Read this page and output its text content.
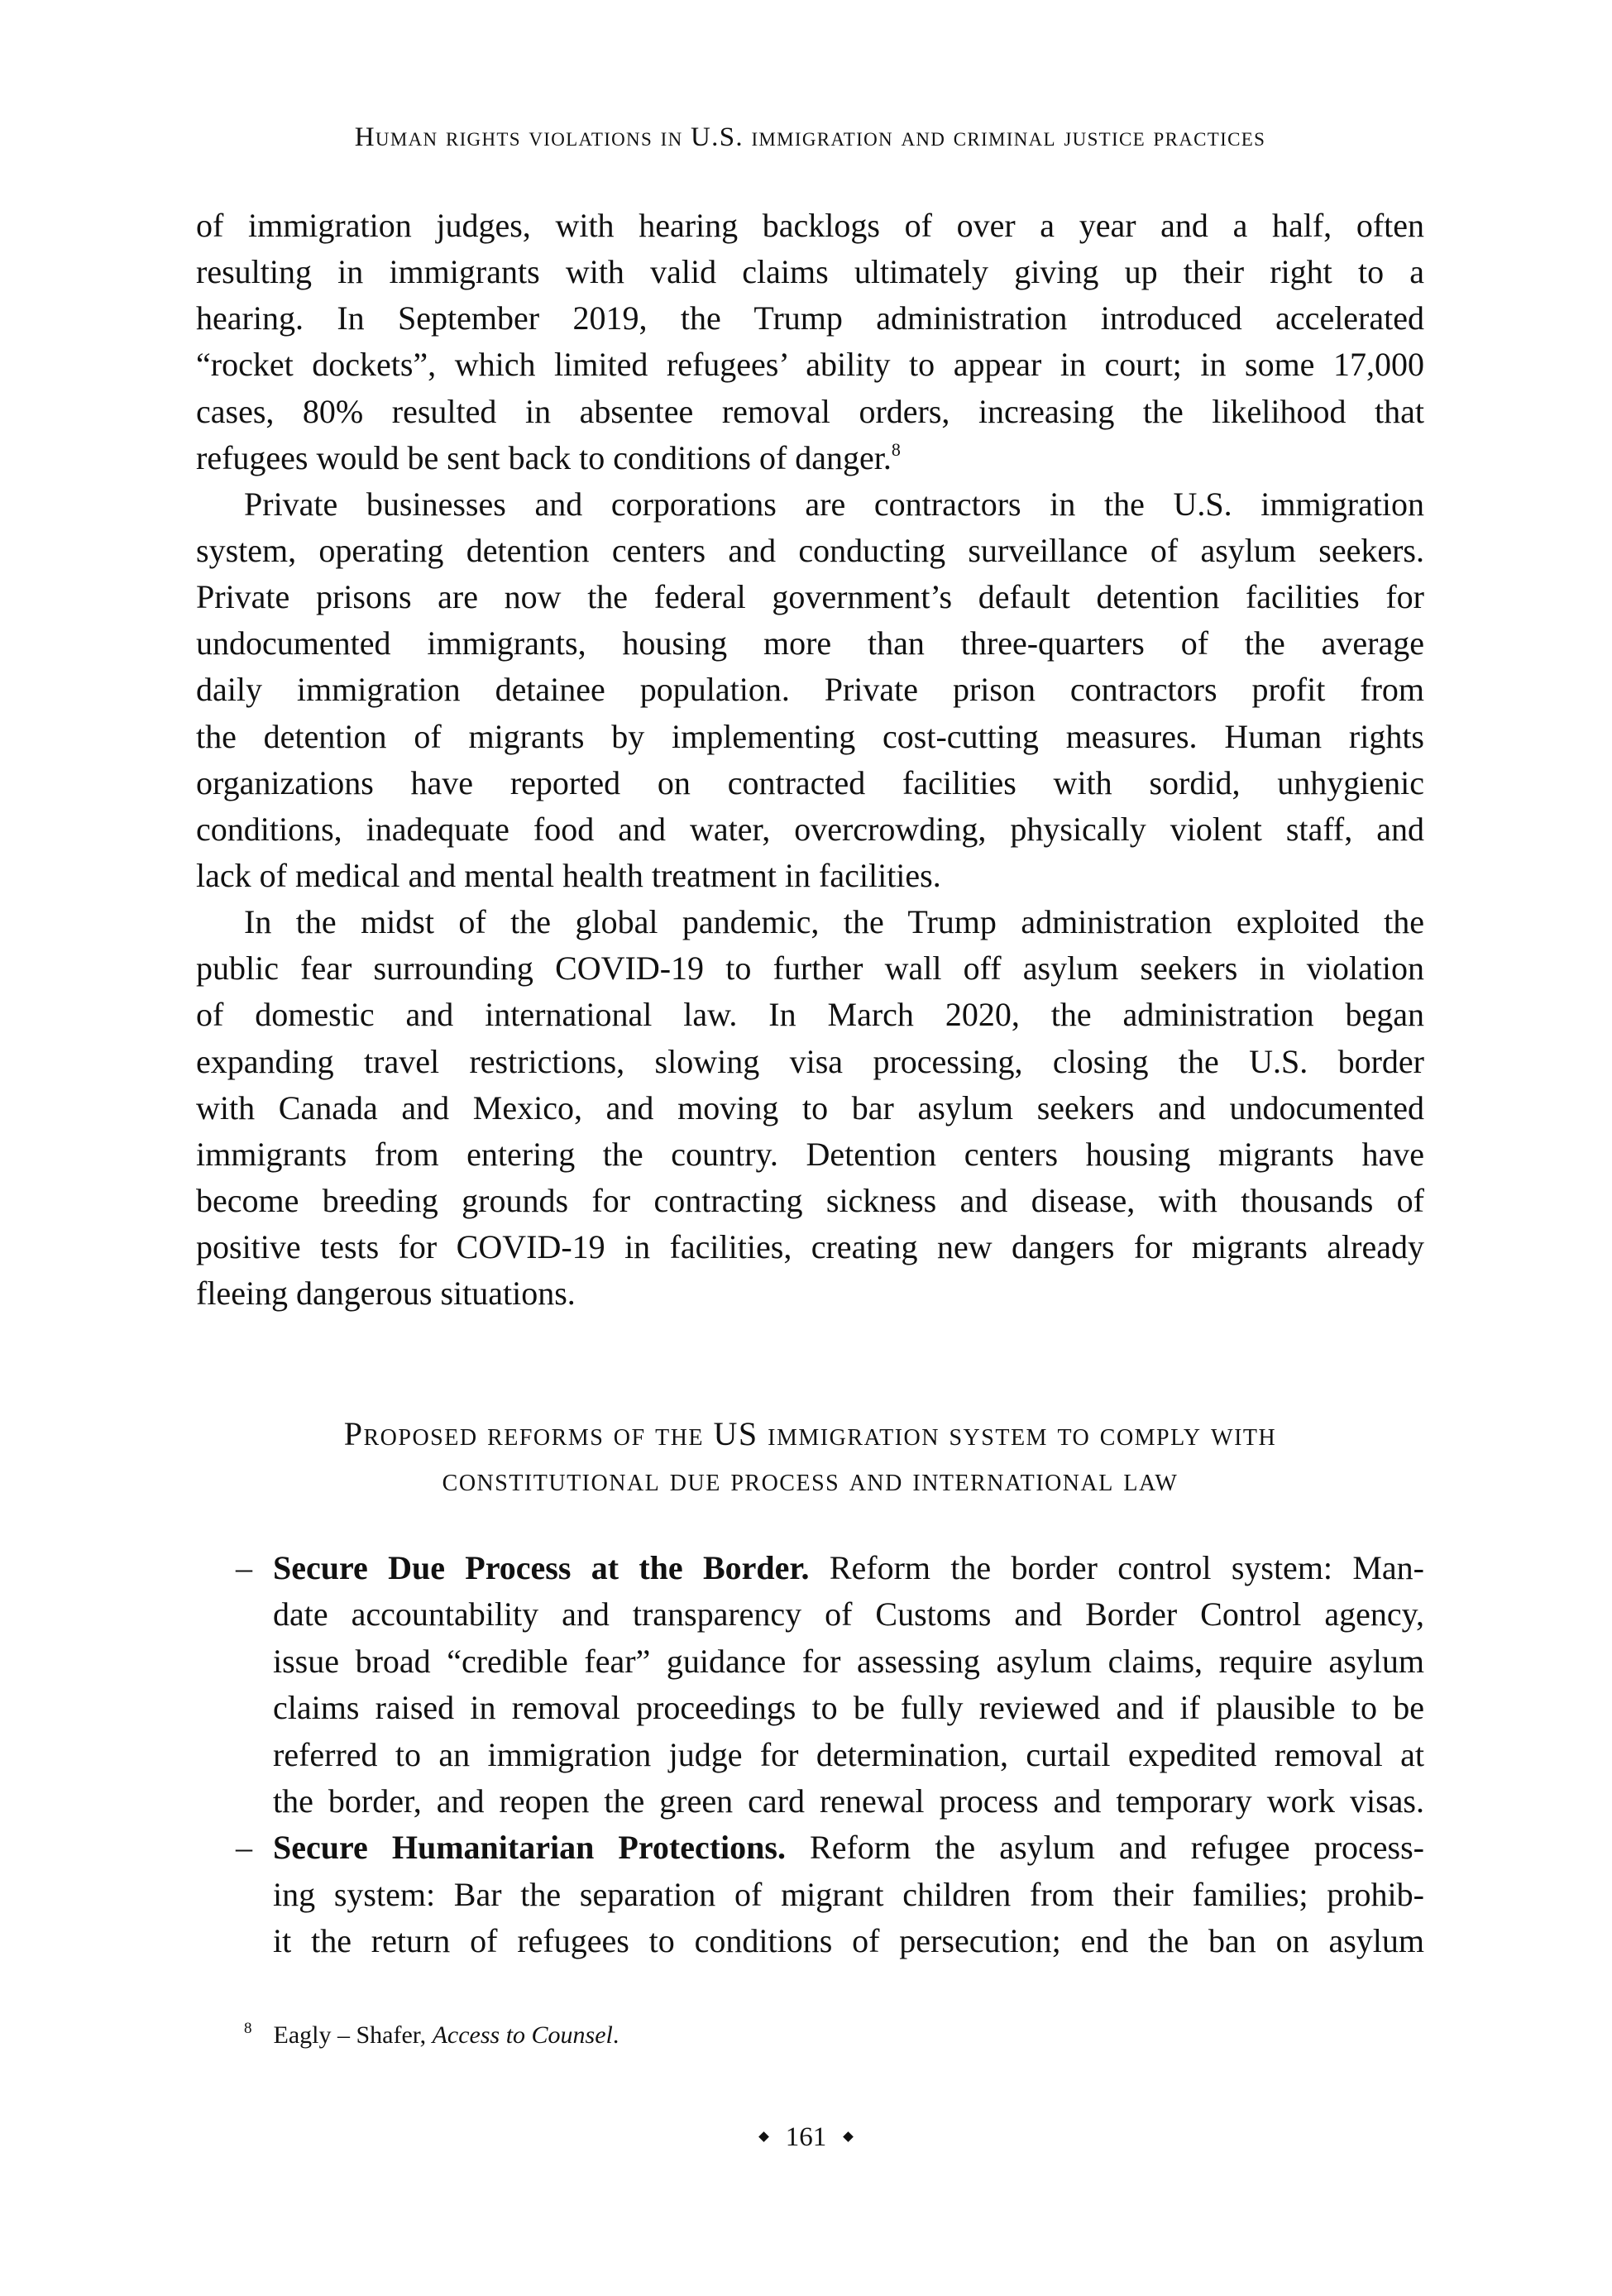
Human rights violations in U.S. immigration and criminal justice practices
of immigration judges, with hearing backlogs of over a year and a half, often
resulting in immigrants with valid claims ultimately giving up their right to a
hearing. In September 2019, the Trump administration introduced accelerated
“rocket dockets”, which limited refugees’ ability to appear in court; in some 17,000
cases, 80% resulted in absentee removal orders, increasing the likelihood that
refugees would be sent back to conditions of danger.$^8$
Private businesses and corporations are contractors in the U.S. immigration
system, operating detention centers and conducting surveillance of asylum seekers.
Private prisons are now the federal government’s default detention facilities for
undocumented immigrants, housing more than three-quarters of the average
daily immigration detainee population. Private prison contractors profit from
the detention of migrants by implementing cost-cutting measures. Human rights
organizations have reported on contracted facilities with sordid, unhygienic
conditions, inadequate food and water, overcrowding, physically violent staff, and
lack of medical and mental health treatment in facilities.
In the midst of the global pandemic, the Trump administration exploited the
public fear surrounding COVID-19 to further wall off asylum seekers in violation
of domestic and international law. In March 2020, the administration began
expanding travel restrictions, slowing visa processing, closing the U.S. border
with Canada and Mexico, and moving to bar asylum seekers and undocumented
immigrants from entering the country. Detention centers housing migrants have
become breeding grounds for contracting sickness and disease, with thousands of
positive tests for COVID-19 in facilities, creating new dangers for migrants already
fleeing dangerous situations.
Proposed reforms of the US immigration system to comply with
constitutional due process and international law
– Secure Due Process at the Border. Reform the border control system: Man-
date accountability and transparency of Customs and Border Control agency,
issue broad “credible fear” guidance for assessing asylum claims, require asylum
claims raised in removal proceedings to be fully reviewed and if plausible to be
referred to an immigration judge for determination, curtail expedited removal at
the border, and reopen the green card renewal process and temporary work visas.
– Secure Humanitarian Protections. Reform the asylum and refugee process-
ing system: Bar the separation of migrant children from their families; prohib-
it the return of refugees to conditions of persecution; end the ban on asylum
$^8$ Eagly – Shafer, Access to Counsel.
161
